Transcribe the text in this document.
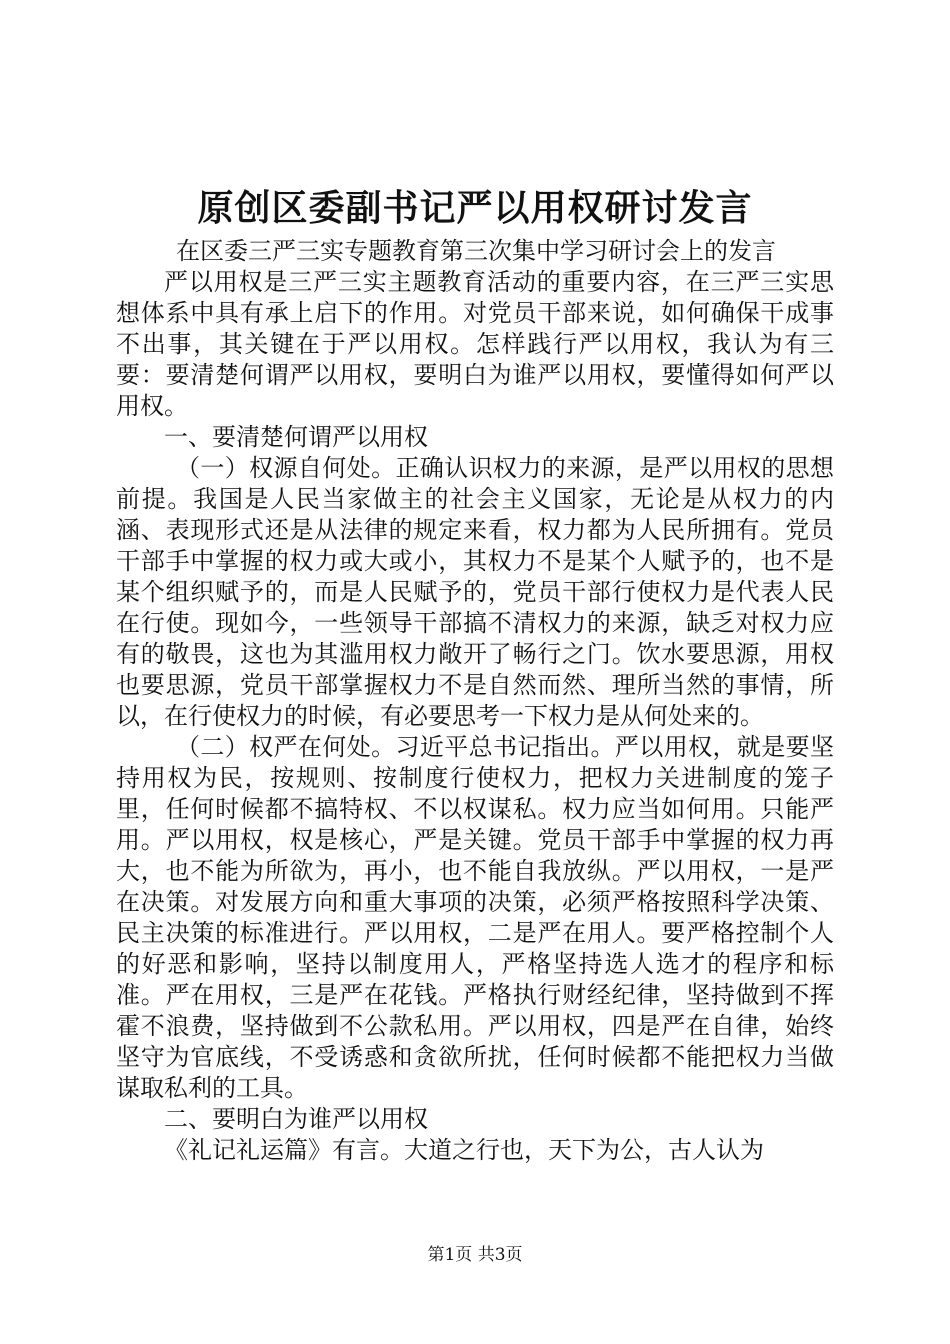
原创区委副书记严以用权研讨发言

在区委三严三实专题教育第三次集中学习研讨会上的发言

严以用权是三严三实主题教育活动的重要内容，在三严三实思想体系中具有承上启下的作用。对党员干部来说，如何确保干成事不出事，其关键在于严以用权。怎样践行严以用权，我认为有三要：要清楚何谓严以用权，要明白为谁严以用权，要懂得如何严以用权。

一、要清楚何谓严以用权

（一）权源自何处。正确认识权力的来源，是严以用权的思想前提。我国是人民当家做主的社会主义国家，无论是从权力的内涵、表现形式还是从法律的规定来看，权力都为人民所拥有。党员干部手中掌握的权力或大或小，其权力不是某个人赋予的，也不是某个组织赋予的，而是人民赋予的，党员干部行使权力是代表人民在行使。现如今，一些领导干部搞不清权力的来源，缺乏对权力应有的敬畏，这也为其滥用权力敞开了畅行之门。饮水要思源，用权也要思源，党员干部掌握权力不是自然而然、理所当然的事情，所以，在行使权力的时候，有必要思考一下权力是从何处来的。

（二）权严在何处。习近平总书记指出。严以用权，就是要坚持用权为民，按规则、按制度行使权力，把权力关进制度的笼子里，任何时候都不搞特权、不以权谋私。权力应当如何用。只能严用。严以用权，权是核心，严是关键。党员干部手中掌握的权力再大，也不能为所欲为，再小，也不能自我放纵。严以用权，一是严在决策。对发展方向和重大事项的决策，必须严格按照科学决策、民主决策的标准进行。严以用权，二是严在用人。要严格控制个人的好恶和影响，坚持以制度用人，严格坚持选人选才的程序和标准。严在用权，三是严在花钱。严格执行财经纪律，坚持做到不挥霍不浪费，坚持做到不公款私用。严以用权，四是严在自律，始终坚守为官底线，不受诱惑和贪欲所扰，任何时候都不能把权力当做谋取私利的工具。

二、要明白为谁严以用权

《礼记礼运篇》有言。大道之行也，天下为公，古人认为

第1页 共3页
